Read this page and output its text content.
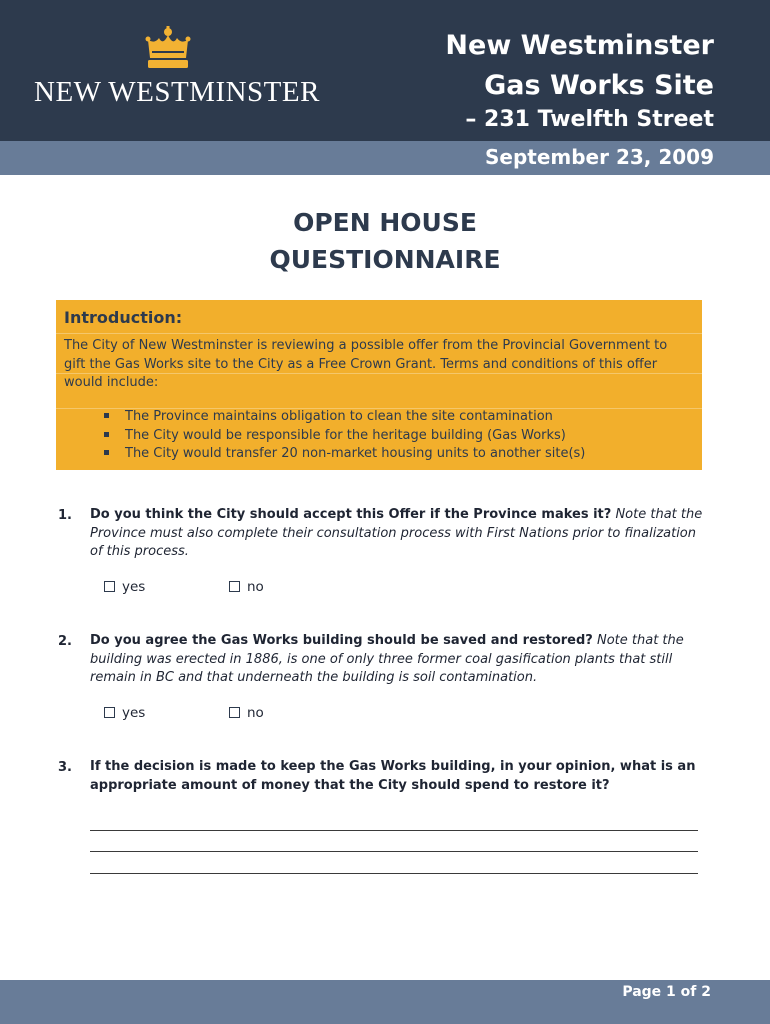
NEW WESTMINSTER
New Westminster
Gas Works Site
– 231 Twelfth Street
September 23, 2009
OPEN HOUSE
QUESTIONNAIRE
Introduction:
The City of New Westminster is reviewing a possible offer from the Provincial Government to gift the Gas Works site to the City as a Free Crown Grant. Terms and conditions of this offer would include:
The Province maintains obligation to clean the site contamination
The City would be responsible for the heritage building (Gas Works)
The City would transfer 20 non-market housing units to another site(s)
1. Do you think the City should accept this Offer if the Province makes it? Note that the Province must also complete their consultation process with First Nations prior to finalization of this process.
yes	no
2. Do you agree the Gas Works building should be saved and restored? Note that the building was erected in 1886, is one of only three former coal gasification plants that still remain in BC and that underneath the building is soil contamination.
yes	no
3. If the decision is made to keep the Gas Works building, in your opinion, what is an appropriate amount of money that the City should spend to restore it?
Page 1 of 2
